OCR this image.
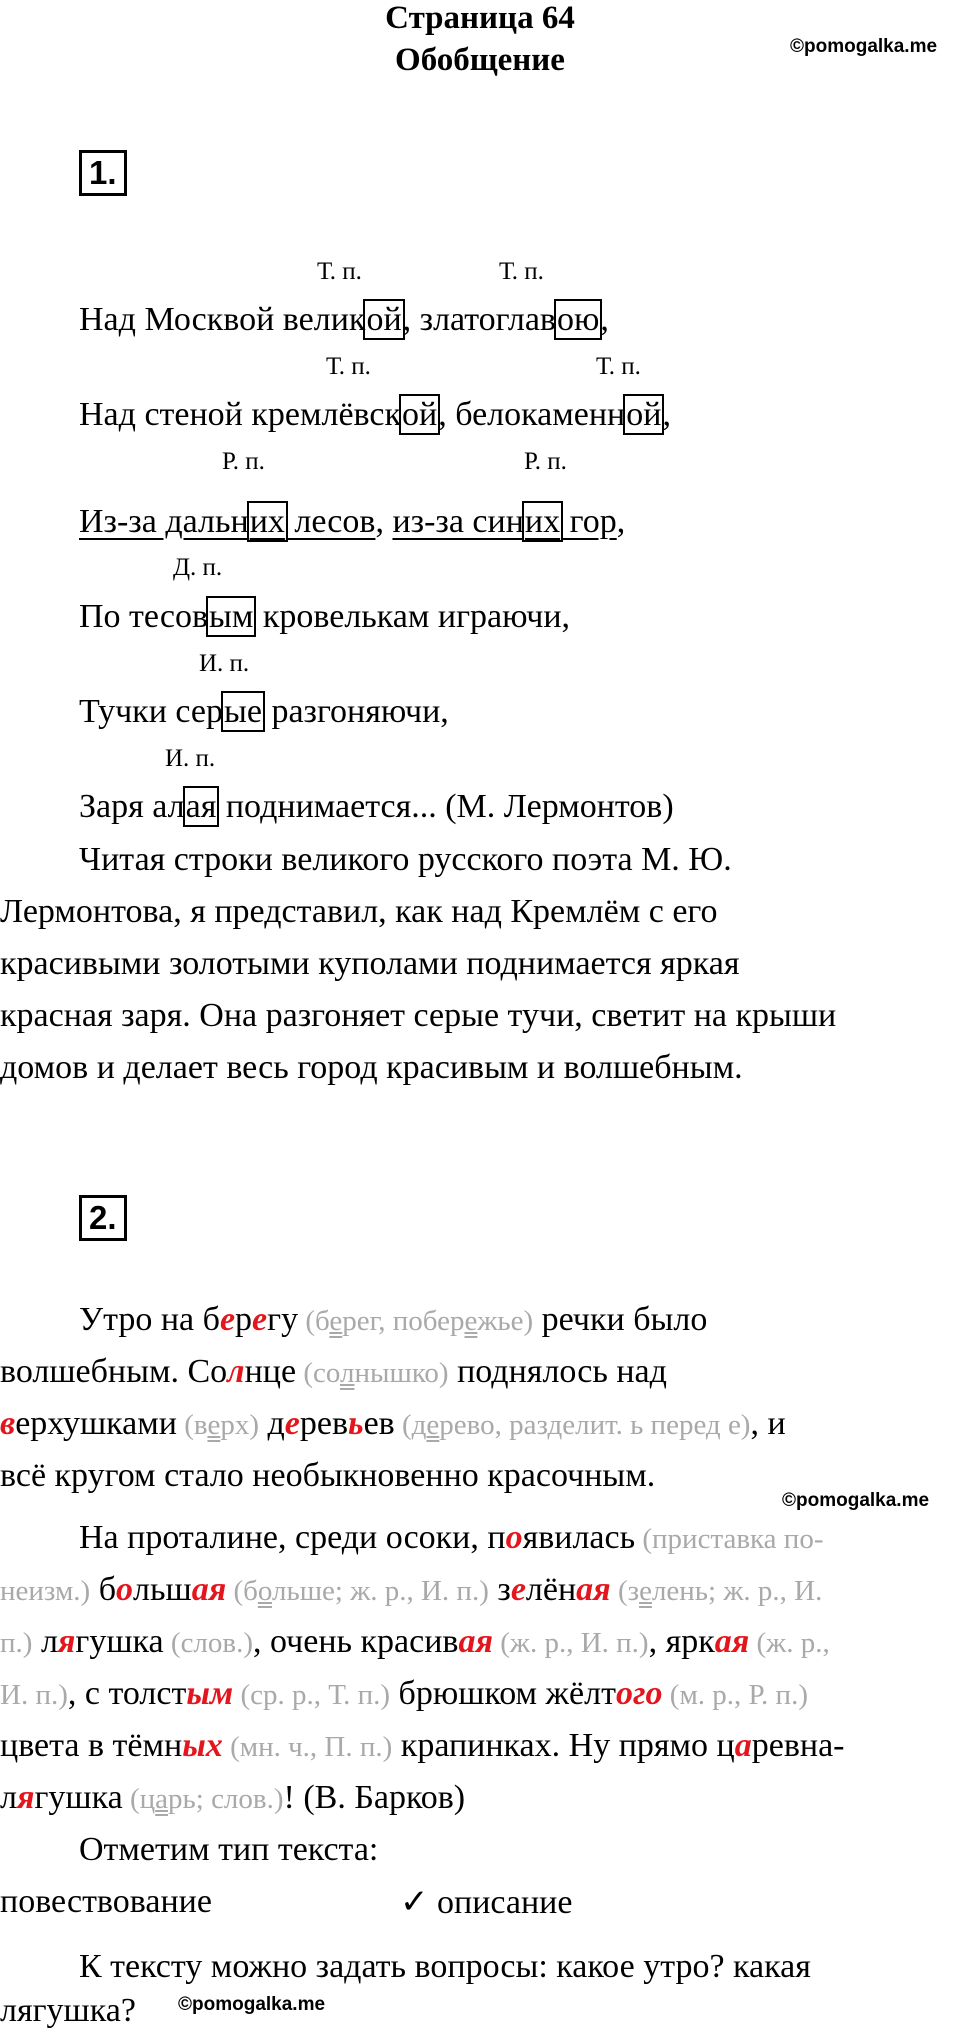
Страница 64
Обобщение	©pomogalka.me
1.
Т. п.	Т. п.
Над Москвой великой, златоглавою,
Т. п.	Т. п.
Над стеной кремлёвской, белокаменной,
Р. п.	Р. п.
Из-за дальних лесов, из-за синих гор,
Д. п.
По тесовым кровелькам играючи,
И. п.
Тучки серые разгоняючи,
И. п.
Заря алая поднимается... (М. Лермонтов)
Читая строки великого русского поэта М. Ю.
Лермонтова, я представил, как над Кремлём с его
красивыми золотыми куполами поднимается яркая
красная заря. Она разгоняет серые тучи, светит на крыши
домов и делает весь город красивым и волшебным.
2.
Утро на берегу (берег, побережье) речки было
волшебным. Солнце (солнышко) поднялось над
верхушками (верх) деревьев (дерево, разделит. ь перед е), и
всё кругом стало необыкновенно красочным.
©pomogalka.me
На проталине, среди осоки, появилась (приставка по-
неизм.) большая (больше; ж. р., И. п.) зелёная (зелень; ж. р., И.
п.) лягушка (слов.), очень красивая (ж. р., И. п.), яркая (ж. р.,
И. п.), с толстым (ср. р., Т. п.) брюшком жёлтого (м. р., Р. п.)
цвета в тёмных (мн. ч., П. п.) крапинках. Ну прямо царевна-
лягушка (царь; слов.)! (В. Барков)
Отметим тип текста:
повествование	✓ описание
К тексту можно задать вопросы: какое утро? какая
лягушка? ©pomogalka.me
